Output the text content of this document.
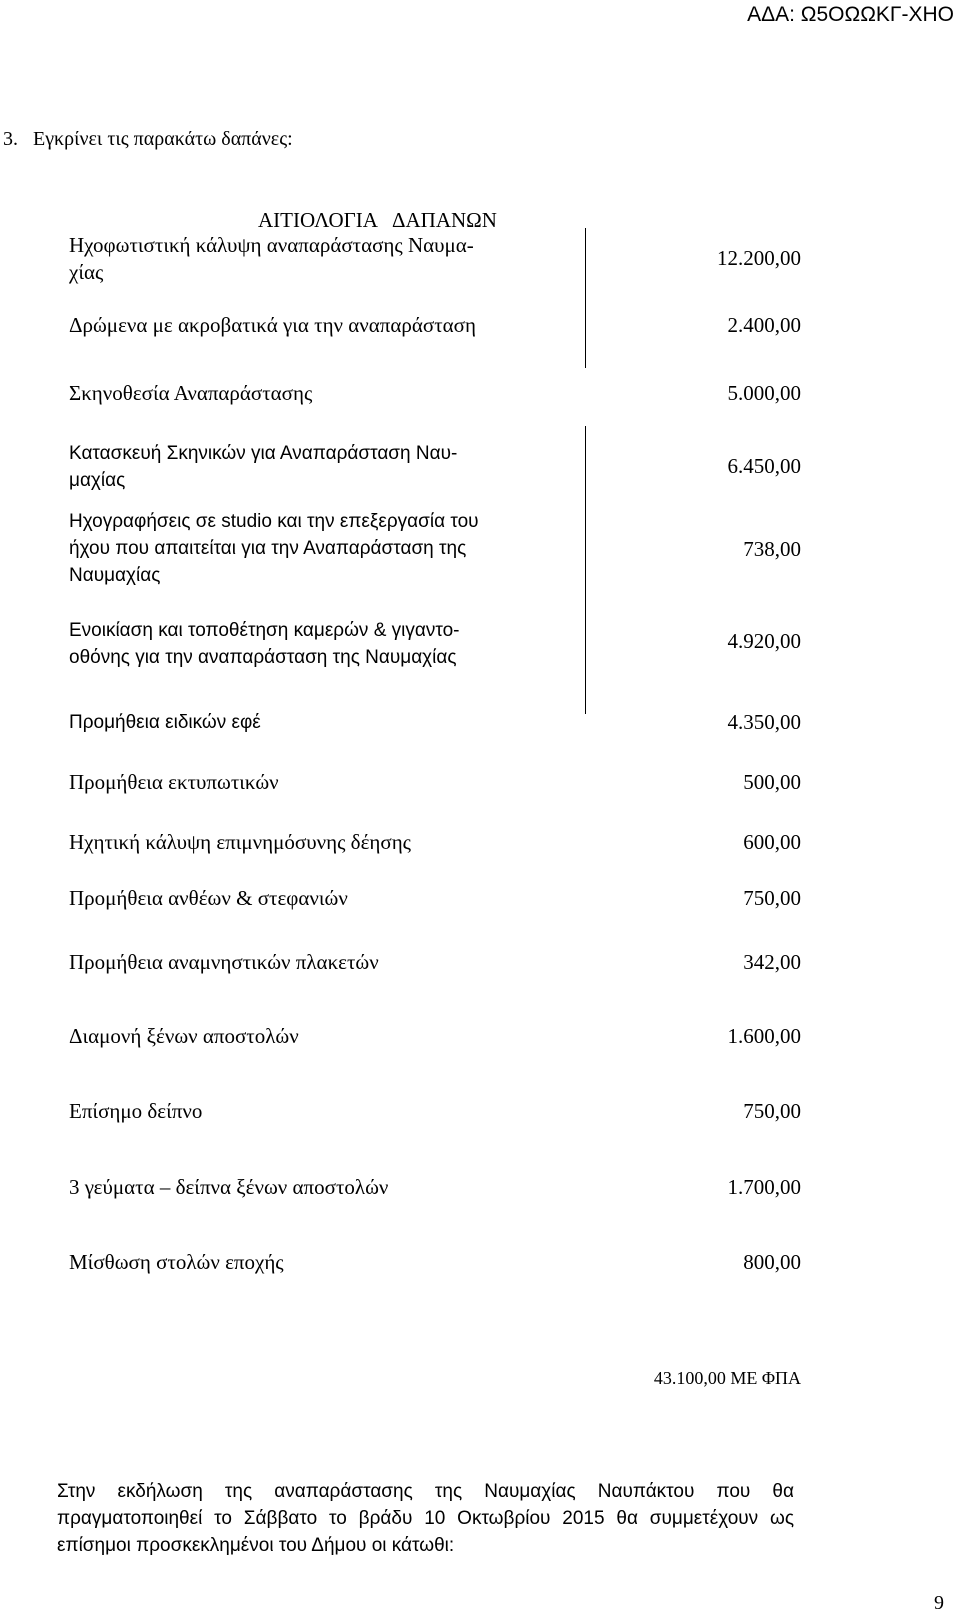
ΑΔΑ: Ω5ΟΩΩΚΓ-ΧΗΟ
3.   Εγκρίνει τις παρακάτω δαπάνες:
ΑΙΤΙΟΛΟΓΙΑ ΔΑΠΑΝΩΝ
Ηχοφωτιστική κάλυψη αναπαράστασης Ναυμα-
χίας
12.200,00
Δρώμενα με ακροβατικά για την αναπαράσταση	2.400,00
Σκηνοθεσία Αναπαράστασης	5.000,00
Κατασκευή Σκηνικών για Αναπαράσταση Ναυ-
μαχίας
6.450,00
Ηχογραφήσεις σε studio και την επεξεργασία του
ήχου που απαιτείται για την Αναπαράσταση της
Ναυμαχίας
738,00
Ενοικίαση και τοποθέτηση καμερών & γιγαντο-
οθόνης για την αναπαράσταση της Ναυμαχίας
4.920,00
Προμήθεια ειδικών εφέ	4.350,00
Προμήθεια εκτυπωτικών	500,00
Ηχητική κάλυψη επιμνημόσυνης δέησης	600,00
Προμήθεια ανθέων & στεφανιών	750,00
Προμήθεια αναμνηστικών πλακετών	342,00
Διαμονή ξένων αποστολών	1.600,00
Επίσημο δείπνο	750,00
3 γεύματα – δείπνα ξένων αποστολών	1.700,00
Μίσθωση στολών εποχής	800,00
43.100,00 ΜΕ ΦΠΑ
Στην εκδήλωση της αναπαράστασης της Ναυμαχίας Ναυπάκτου που θα πραγματοποιηθεί το Σάββατο το βράδυ 10 Οκτωβρίου 2015 θα συμμετέχουν ως επίσημοι προσκεκλημένοι του Δήμου οι κάτωθι:
9
